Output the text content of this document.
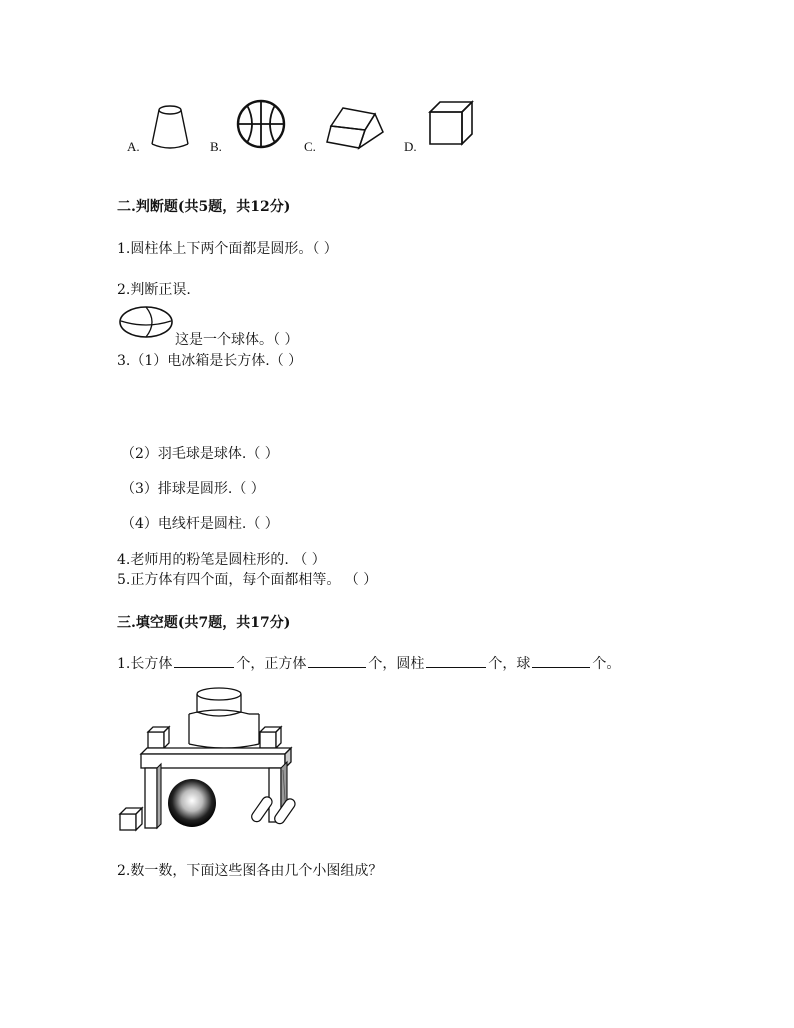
A.	B.	C.	D.
二.判断题(共5题，共12分)
1.圆柱体上下两个面都是圆形。（ ）
2.判断正误.
这是一个球体。（ ）
3.（1）电冰箱是长方体.（ ）
（2）羽毛球是球体.（ ）
（3）排球是圆形.（ ）
（4）电线杆是圆柱.（ ）
4.老师用的粉笔是圆柱形的. （ ）
5.正方体有四个面，每个面都相等。 （ ）
三.填空题(共7题，共17分)
1.长方体	个，正方体	个，圆柱	个，球	个。
2.数一数，下面这些图各由几个小图组成？
